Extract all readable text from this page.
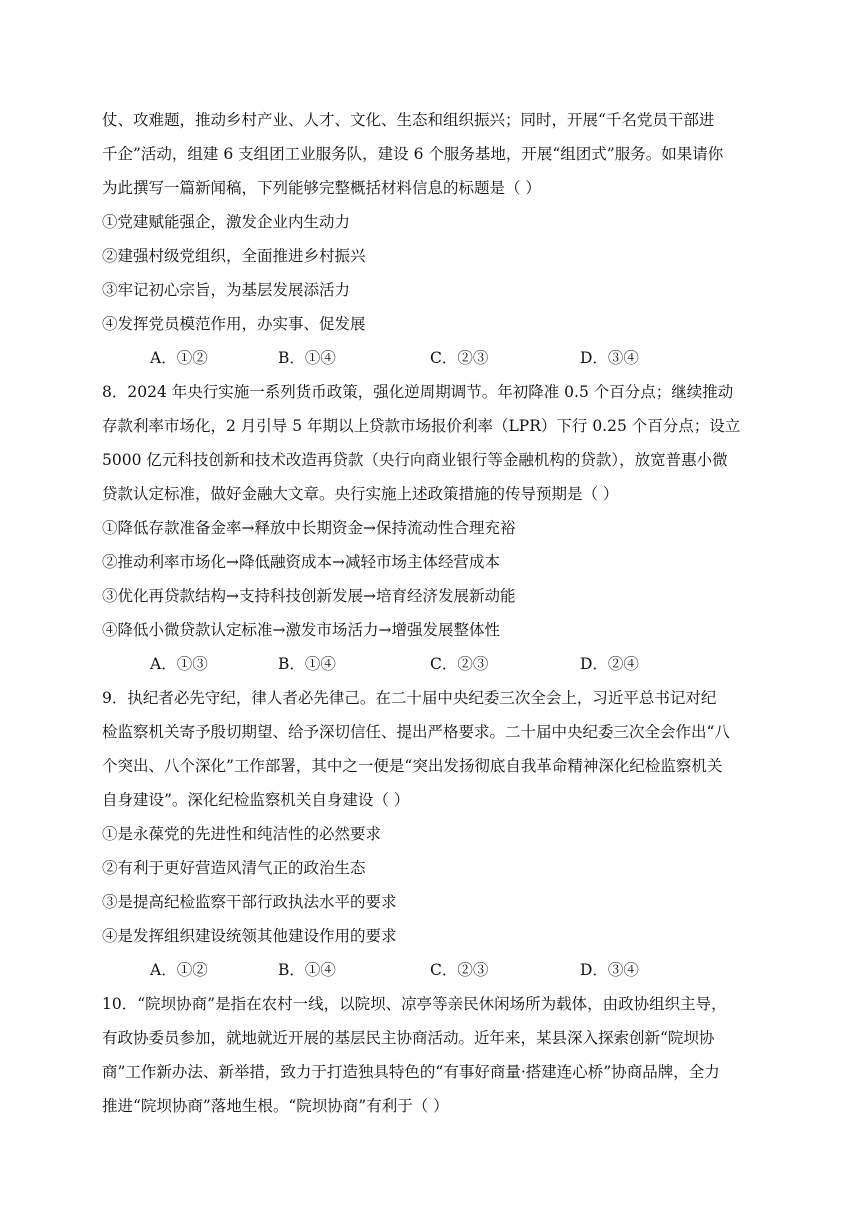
仗、攻难题，推动乡村产业、人才、文化、生态和组织振兴；同时，开展“千名党员干部进
千企”活动，组建 6 支组团工业服务队，建设 6 个服务基地，开展“组团式”服务。如果请你
为此撰写一篇新闻稿，下列能够完整概括材料信息的标题是（ ）
①党建赋能强企，激发企业内生动力
②建强村级党组织，全面推进乡村振兴
③牢记初心宗旨，为基层发展添活力
④发挥党员模范作用，办实事、促发展
A．①②	B．①④	C．②③	D．③④
8．2024 年央行实施一系列货币政策，强化逆周期调节。年初降准 0.5 个百分点；继续推动
存款利率市场化，2 月引导 5 年期以上贷款市场报价利率（LPR）下行 0.25 个百分点；设立
5000 亿元科技创新和技术改造再贷款（央行向商业银行等金融机构的贷款），放宽普惠小微
贷款认定标准，做好金融大文章。央行实施上述政策措施的传导预期是（ ）
①降低存款准备金率→释放中长期资金→保持流动性合理充裕
②推动利率市场化→降低融资成本→减轻市场主体经营成本
③优化再贷款结构→支持科技创新发展→培育经济发展新动能
④降低小微贷款认定标准→激发市场活力→增强发展整体性
A．①③	B．①④	C．②③	D．②④
9．执纪者必先守纪，律人者必先律己。在二十届中央纪委三次全会上，习近平总书记对纪
检监察机关寄予殷切期望、给予深切信任、提出严格要求。二十届中央纪委三次全会作出“八
个突出、八个深化”工作部署，其中之一便是“突出发扬彻底自我革命精神深化纪检监察机关
自身建设”。深化纪检监察机关自身建设（ ）
①是永葆党的先进性和纯洁性的必然要求
②有利于更好营造风清气正的政治生态
③是提高纪检监察干部行政执法水平的要求
④是发挥组织建设统领其他建设作用的要求
A．①②	B．①④	C．②③	D．③④
10．“院坝协商”是指在农村一线，以院坝、凉亭等亲民休闲场所为载体，由政协组织主导，
有政协委员参加，就地就近开展的基层民主协商活动。近年来，某县深入探索创新“院坝协
商”工作新办法、新举措，致力于打造独具特色的“有事好商量·搭建连心桥”协商品牌，全力
推进“院坝协商”落地生根。“院坝协商”有利于（ ）
